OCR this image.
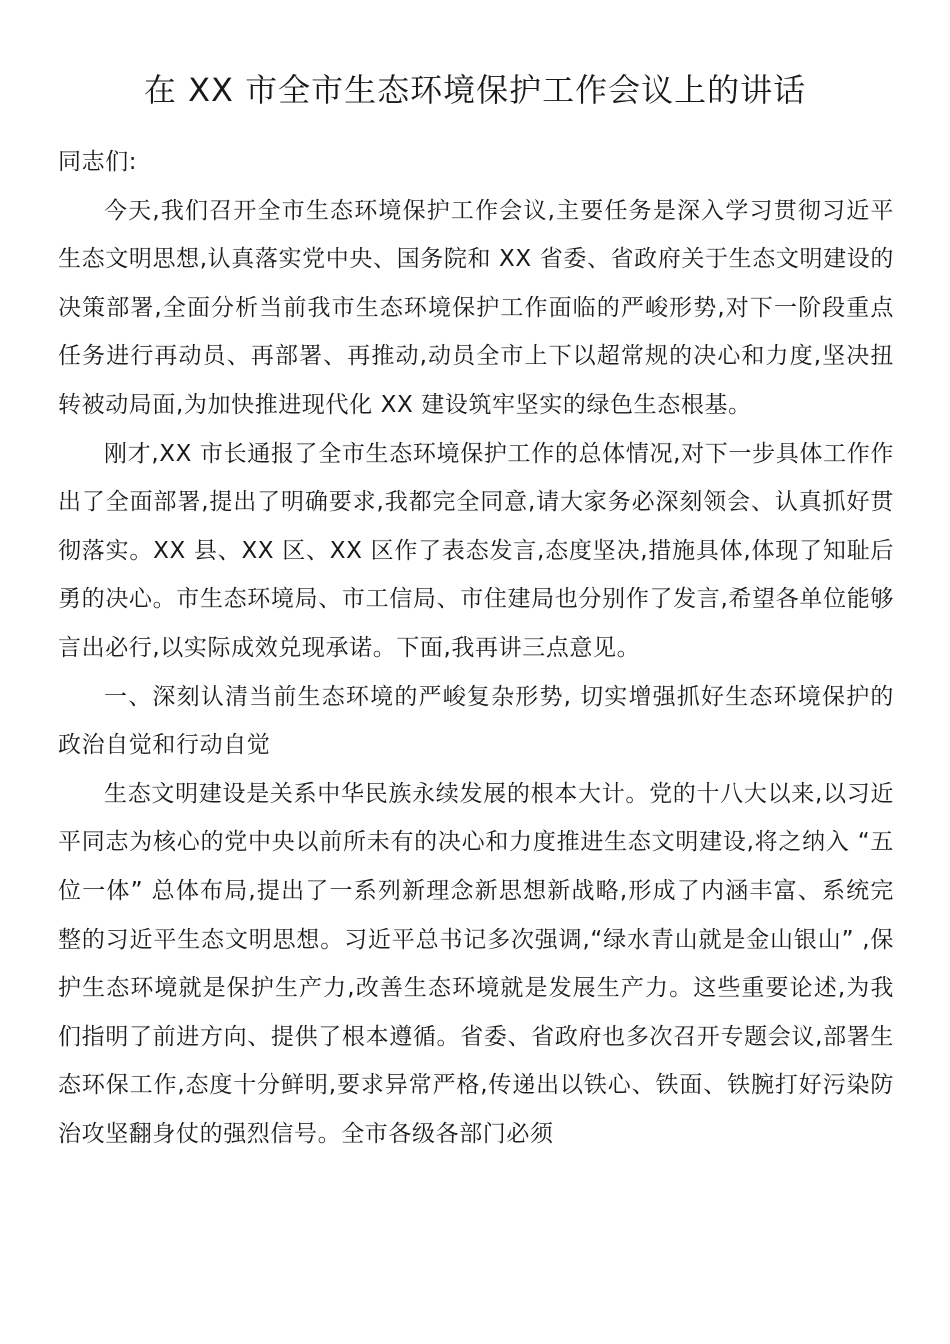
在 XX 市全市生态环境保护工作会议上的讲话

同志们:

今天,我们召开全市生态环境保护工作会议,主要任务是深入学习贯彻习近平生态文明思想,认真落实党中央、国务院和 XX 省委、省政府关于生态文明建设的决策部署,全面分析当前我市生态环境保护工作面临的严峻形势,对下一阶段重点任务进行再动员、再部署、再推动,动员全市上下以超常规的决心和力度,坚决扭转被动局面,为加快推进现代化 XX 建设筑牢坚实的绿色生态根基。

刚才,XX 市长通报了全市生态环境保护工作的总体情况,对下一步具体工作作出了全面部署,提出了明确要求,我都完全同意,请大家务必深刻领会、认真抓好贯彻落实。XX 县、XX 区、XX 区作了表态发言,态度坚决,措施具体,体现了知耻后勇的决心。市生态环境局、市工信局、市住建局也分别作了发言,希望各单位能够言出必行,以实际成效兑现承诺。下面,我再讲三点意见。

一、深刻认清当前生态环境的严峻复杂形势, 切实增强抓好生态环境保护的政治自觉和行动自觉

生态文明建设是关系中华民族永续发展的根本大计。党的十八大以来,以习近平同志为核心的党中央以前所未有的决心和力度推进生态文明建设,将之纳入 “五位一体” 总体布局,提出了一系列新理念新思想新战略,形成了内涵丰富、系统完整的习近平生态文明思想。习近平总书记多次强调,“绿水青山就是金山银山” ,保护生态环境就是保护生产力,改善生态环境就是发展生产力。这些重要论述,为我们指明了前进方向、提供了根本遵循。省委、省政府也多次召开专题会议,部署生态环保工作,态度十分鲜明,要求异常严格,传递出以铁心、铁面、铁腕打好污染防治攻坚翻身仗的强烈信号。全市各级各部门必须
